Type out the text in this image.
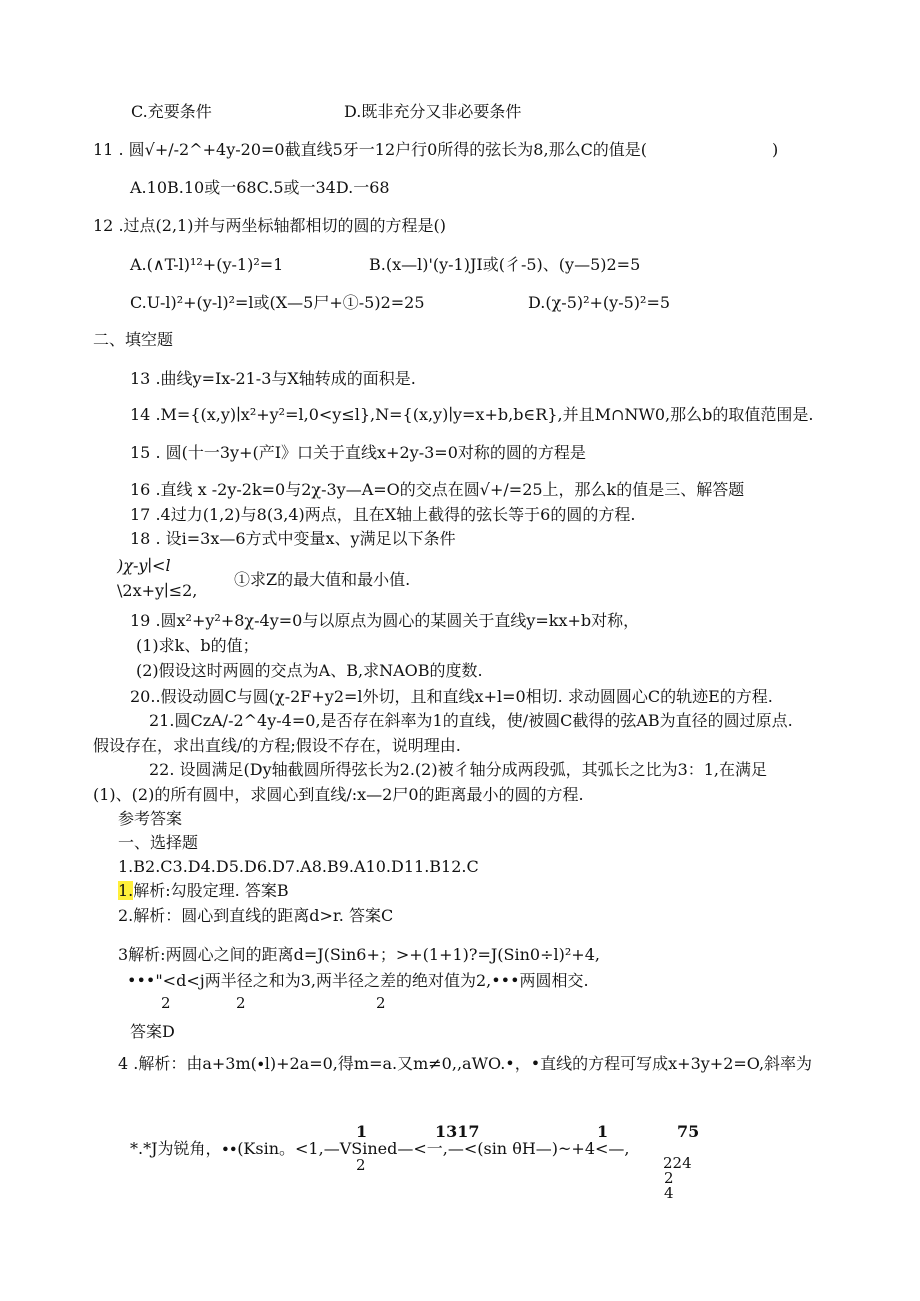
C.充要条件	D.既非充分又非必要条件
11 . 圆√+∕-2^+4y-20=0截直线5牙一12户行0所得的弦长为8,那么C的值是(	)
A.10B.10或一68C.5或一34D.一68
12 .过点(2,1)并与两坐标轴都相切的圆的方程是()
A.(∧T-l)¹²+(y-1)²=1	B.(x—l)'(y-1)JI或(彳-5)、(y—5)2=5
C.U-l)²+(y-l)²=l或(X—5尸+①-5)2=25	D.(χ-5)²+(y-5)²=5
二、填空题
13 .曲线y=Ix-21-3与X轴转成的面积是.
14 .M={(x,y)∣x²+y²=l,0<y≤l},N={(x,y)∣y=x+b,b∈R},并且M∩NW0,那么b的取值范围是.
15 . 圆(十一3y+(产I》口关于直线x+2y-3=0对称的圆的方程是
16 .直线 x -2y-2k=0与2χ-3y—A=O的交点在圆√+∕=25上，那么k的值是三、解答题
17 .4过力(1,2)与8(3,4)两点，且在X轴上截得的弦长等于6的圆的方程.
18 . 设i=3x—6方式中变量x、y满足以下条件
)χ-y∣<l
\2x+y∣≤2,
①求Z的最大值和最小值.
19 .圆x²+y²+8χ-4y=0与以原点为圆心的某圆关于直线y=kx+b对称，
(1)求k、b的值；
(2)假设这时两圆的交点为A、B,求NAOB的度数.
20..假设动圆C与圆(χ-2F+y2=l外切，且和直线x+l=0相切. 求动圆圆心C的轨迹E的方程.
21.圆CzA∕-2^4y-4=0,是否存在斜率为1的直线，使/被圆C截得的弦AB为直径的圆过原点.
假设存在，求出直线/的方程;假设不存在，说明理由.
22. 设圆满足(Dy轴截圆所得弦长为2.(2)被彳轴分成两段弧，其弧长之比为3：1,在满足
(1)、(2)的所有圆中，求圆心到直线/:x—2尸0的距离最小的圆的方程.
参考答案
一、选择题
1.B2.C3.D4.D5.D6.D7.A8.B9.A10.D11.B12.C
1.解析:勾股定理. 答案B
2.解析：圆心到直线的距离d>r. 答案C
3解析:两圆心之间的距离d=J(Sin6+；>+(1+1)?=J(Sin0÷l)²+4,
•••"<d<j两半径之和为3,两半径之差的绝对值为2,•••两圆相交.
2	2	2
答案D
4 .解析：由a+3m(∙l)+2a=0,得m=a.又m≠0,,aWO.•，•直线的方程可写成x+3y+2=O,斜率为
1	1317	1	75
*.*J为锐角，∙∙(Ksin。<1,—VSined—<一,—<(sin θH—)~+4<—,
2	224
2
4
